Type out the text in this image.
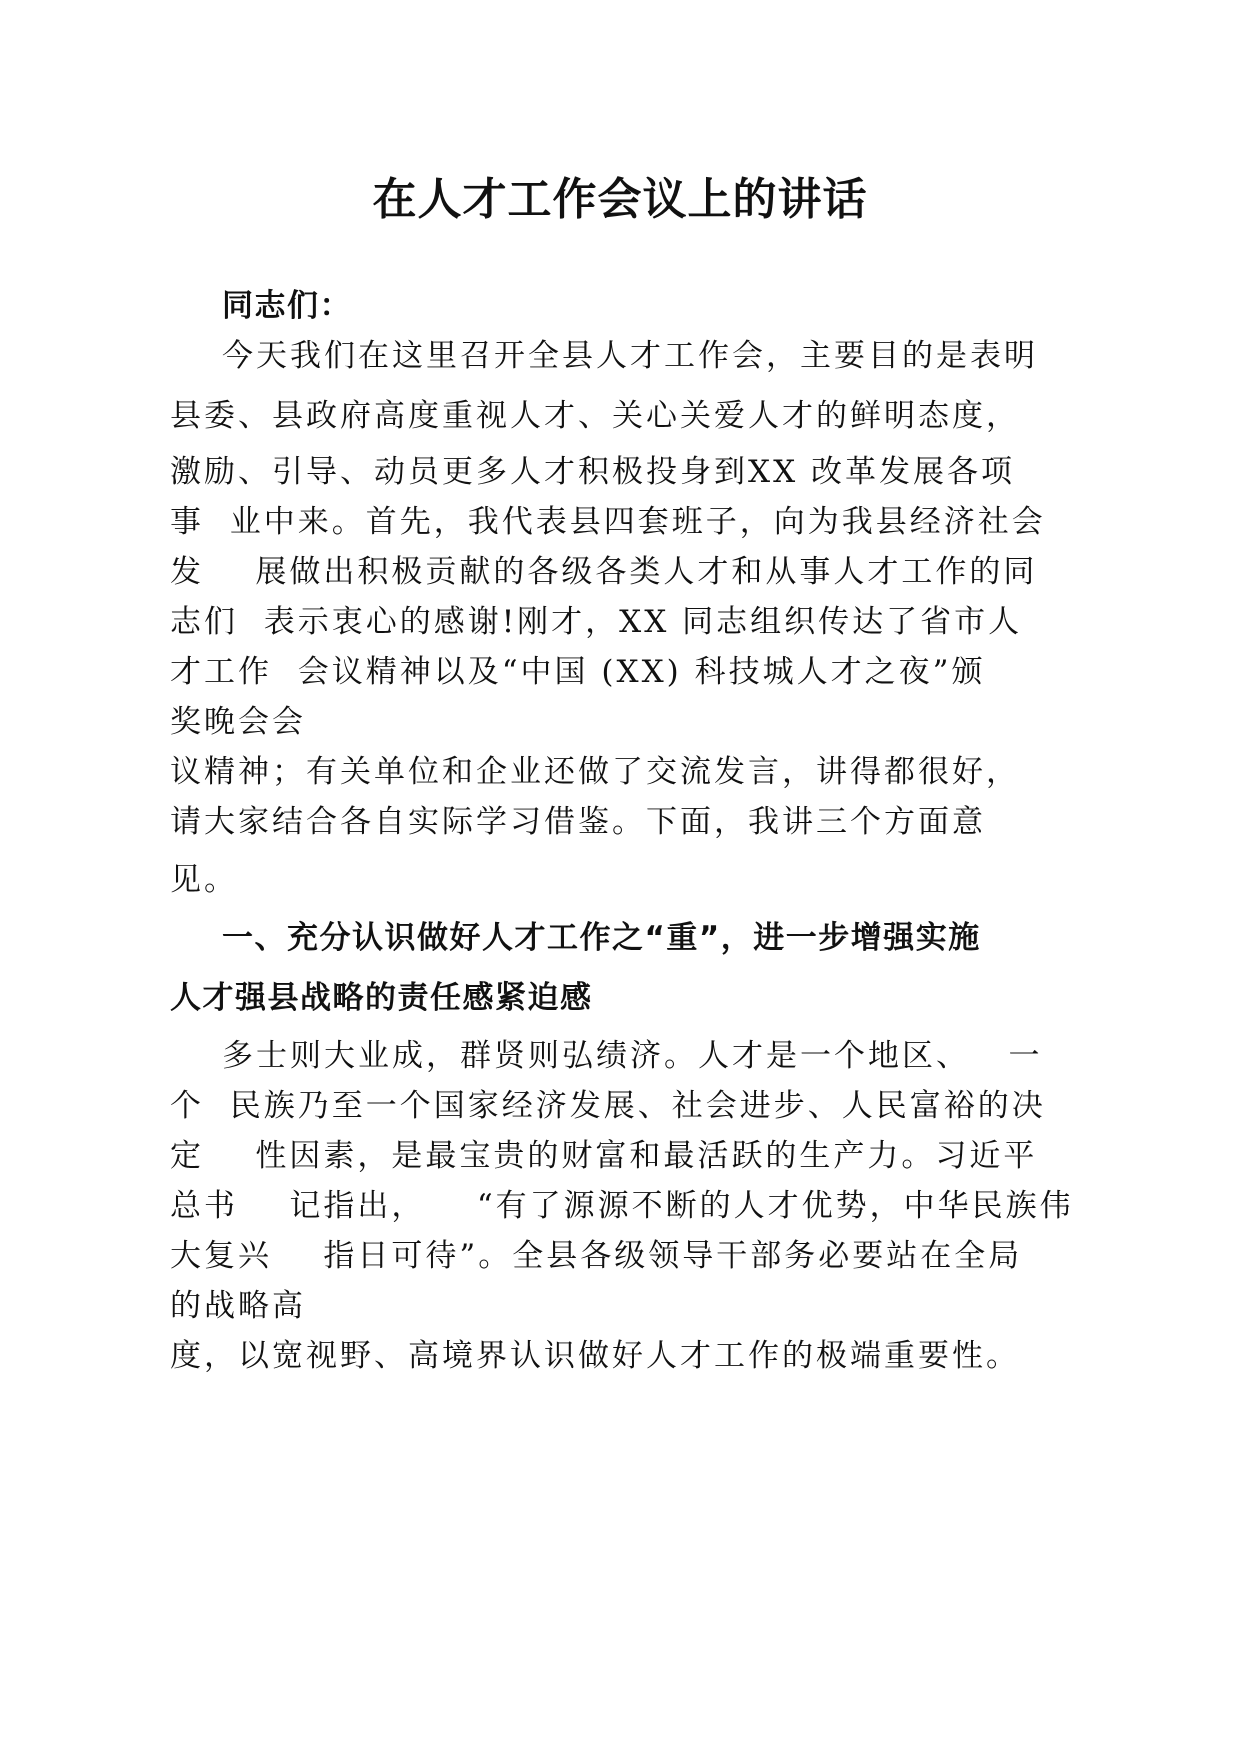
在人才工作会议上的讲话
同志们：
今天我们在这里召开全县人才工作会，主要目的是表明
县委、县政府高度重视人才、关心关爱人才的鲜明态度，
激励、引导、动员更多人才积极投身到XX 改革发展各项
事  业中来。首先，我代表县四套班子，向为我县经济社会
发    展做出积极贡献的各级各类人才和从事人才工作的同
志们  表示衷心的感谢!刚才，XX 同志组织传达了省市人
才工作  会议精神以及“中国 (XX) 科技城人才之夜”颁
奖晚会会
议精神；有关单位和企业还做了交流发言，讲得都很好，
请大家结合各自实际学习借鉴。下面，我讲三个方面意
见。
一、充分认识做好人才工作之“重”，进一步增强实施
人才强县战略的责任感紧迫感
多士则大业成，群贤则弘绩济。人才是一个地区、   一
个  民族乃至一个国家经济发展、社会进步、人民富裕的决
定    性因素，是最宝贵的财富和最活跃的生产力。习近平
总书    记指出，    “有了源源不断的人才优势，中华民族伟
大复兴    指日可待”。全县各级领导干部务必要站在全局
的战略高
度，以宽视野、高境界认识做好人才工作的极端重要性。
